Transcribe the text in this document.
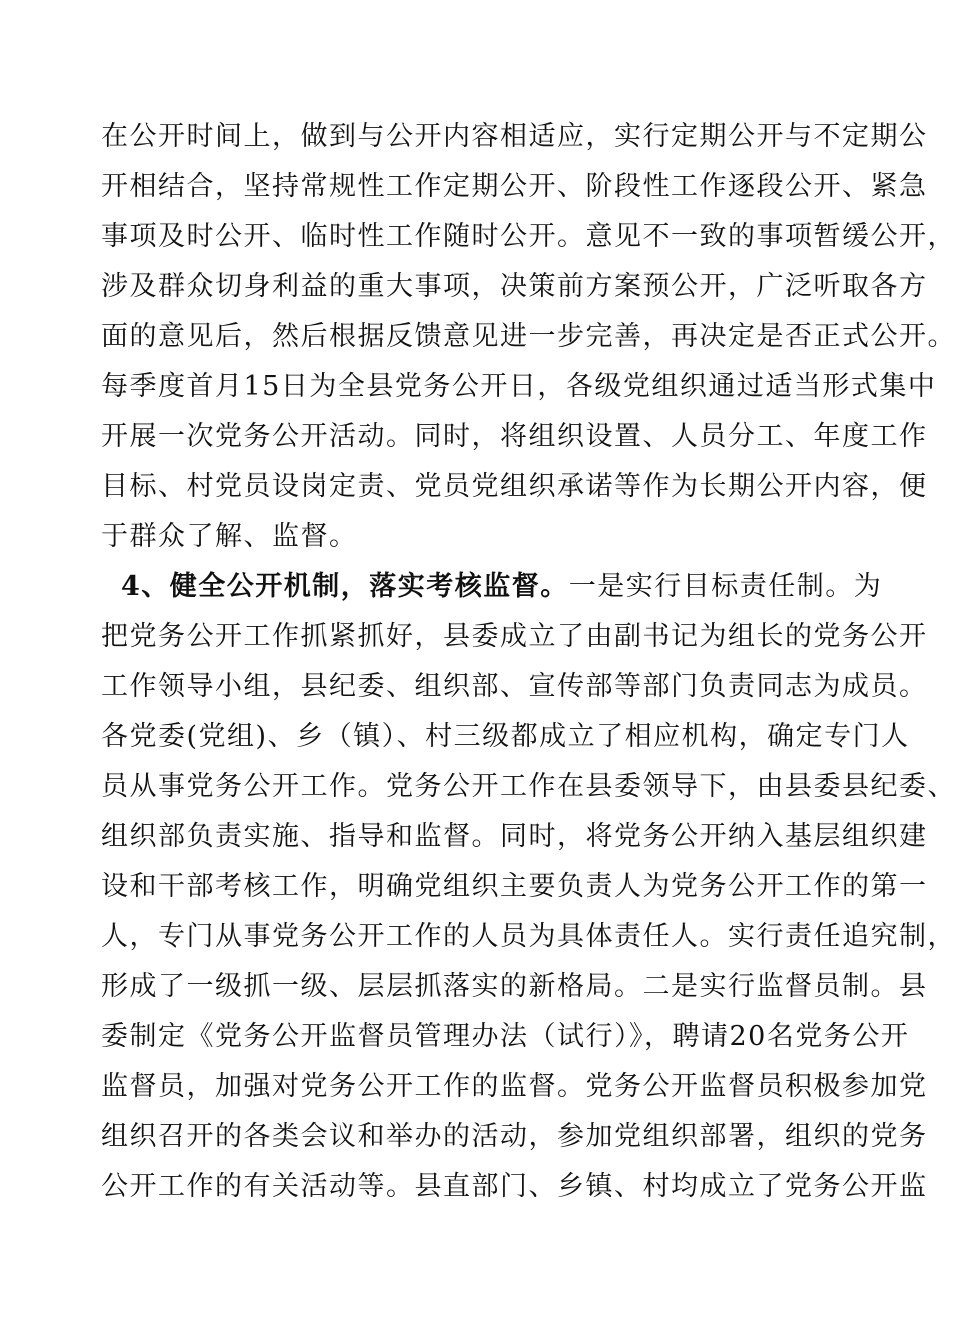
在公开时间上，做到与公开内容相适应，实行定期公开与不定期公
开相结合，坚持常规性工作定期公开、阶段性工作逐段公开、紧急
事项及时公开、临时性工作随时公开。意见不一致的事项暂缓公开，
涉及群众切身利益的重大事项，决策前方案预公开，广泛听取各方
面的意见后，然后根据反馈意见进一步完善，再决定是否正式公开。
每季度首月15日为全县党务公开日，各级党组织通过适当形式集中
开展一次党务公开活动。同时，将组织设置、人员分工、年度工作
目标、村党员设岗定责、党员党组织承诺等作为长期公开内容，便
于群众了解、监督。
4、健全公开机制，落实考核监督。一是实行目标责任制。为
把党务公开工作抓紧抓好，县委成立了由副书记为组长的党务公开
工作领导小组，县纪委、组织部、宣传部等部门负责同志为成员。
各党委(党组)、乡（镇）、村三级都成立了相应机构，确定专门人
员从事党务公开工作。党务公开工作在县委领导下，由县委县纪委、
组织部负责实施、指导和监督。同时，将党务公开纳入基层组织建
设和干部考核工作，明确党组织主要负责人为党务公开工作的第一
人，专门从事党务公开工作的人员为具体责任人。实行责任追究制，
形成了一级抓一级、层层抓落实的新格局。二是实行监督员制。县
委制定《党务公开监督员管理办法（试行）》，聘请20名党务公开
监督员，加强对党务公开工作的监督。党务公开监督员积极参加党
组织召开的各类会议和举办的活动，参加党组织部署，组织的党务
公开工作的有关活动等。县直部门、乡镇、村均成立了党务公开监
